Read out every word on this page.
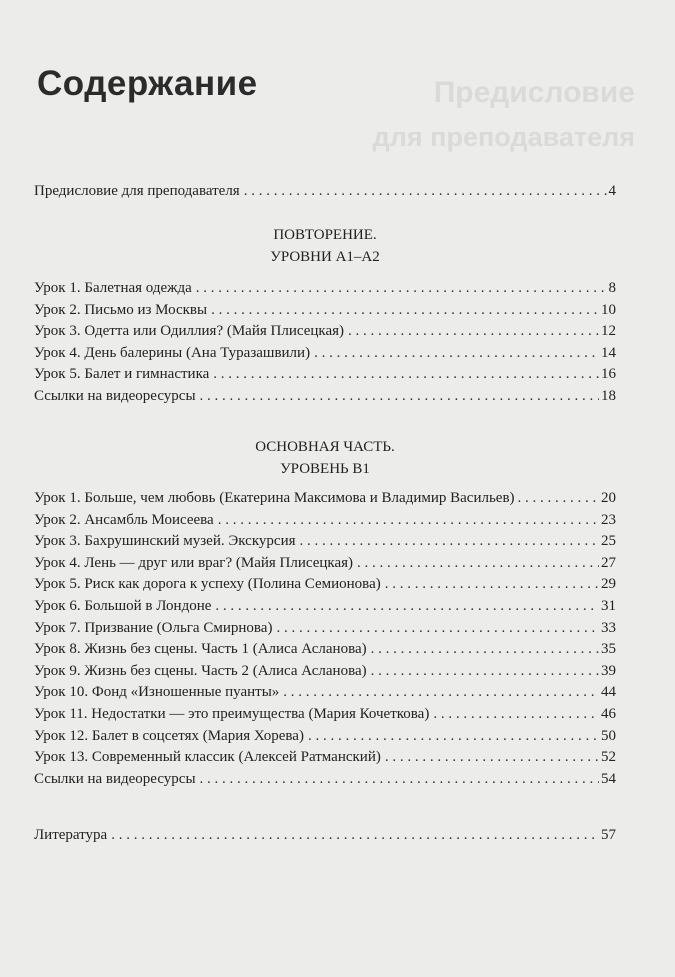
Предисловие
для преподавателя
Содержание
Предисловие для преподавателя . . .	4
ПОВТОРЕНИЕ.
УРОВНИ А1–А2
Урок 1. Балетная одежда . . .	8
Урок 2. Письмо из Москвы . . .	10
Урок 3. Одетта или Одиллия? (Майя Плисецкая) . . .	12
Урок 4. День балерины (Ана Туразашвили) . . .	14
Урок 5. Балет и гимнастика . . .	16
Ссылки на видеоресурсы . . .	18
ОСНОВНАЯ ЧАСТЬ.
УРОВЕНЬ В1
Урок 1. Больше, чем любовь (Екатерина Максимова и Владимир Васильев) . . .	20
Урок 2. Ансамбль Моисеева . . .	23
Урок 3. Бахрушинский музей. Экскурсия . . .	25
Урок 4. Лень — друг или враг? (Майя Плисецкая) . . .	27
Урок 5. Риск как дорога к успеху (Полина Семионова) . . .	29
Урок 6. Большой в Лондоне . . .	31
Урок 7. Призвание (Ольга Смирнова) . . .	33
Урок 8. Жизнь без сцены. Часть 1 (Алиса Асланова) . . .	35
Урок 9. Жизнь без сцены. Часть 2 (Алиса Асланова) . . .	39
Урок 10. Фонд «Изношенные пуанты» . . .	44
Урок 11. Недостатки — это преимущества (Мария Кочеткова) . . .	46
Урок 12. Балет в соцсетях (Мария Хорева) . . .	50
Урок 13. Современный классик (Алексей Ратманский) . . .	52
Ссылки на видеоресурсы . . .	54
Литература . . .	57
